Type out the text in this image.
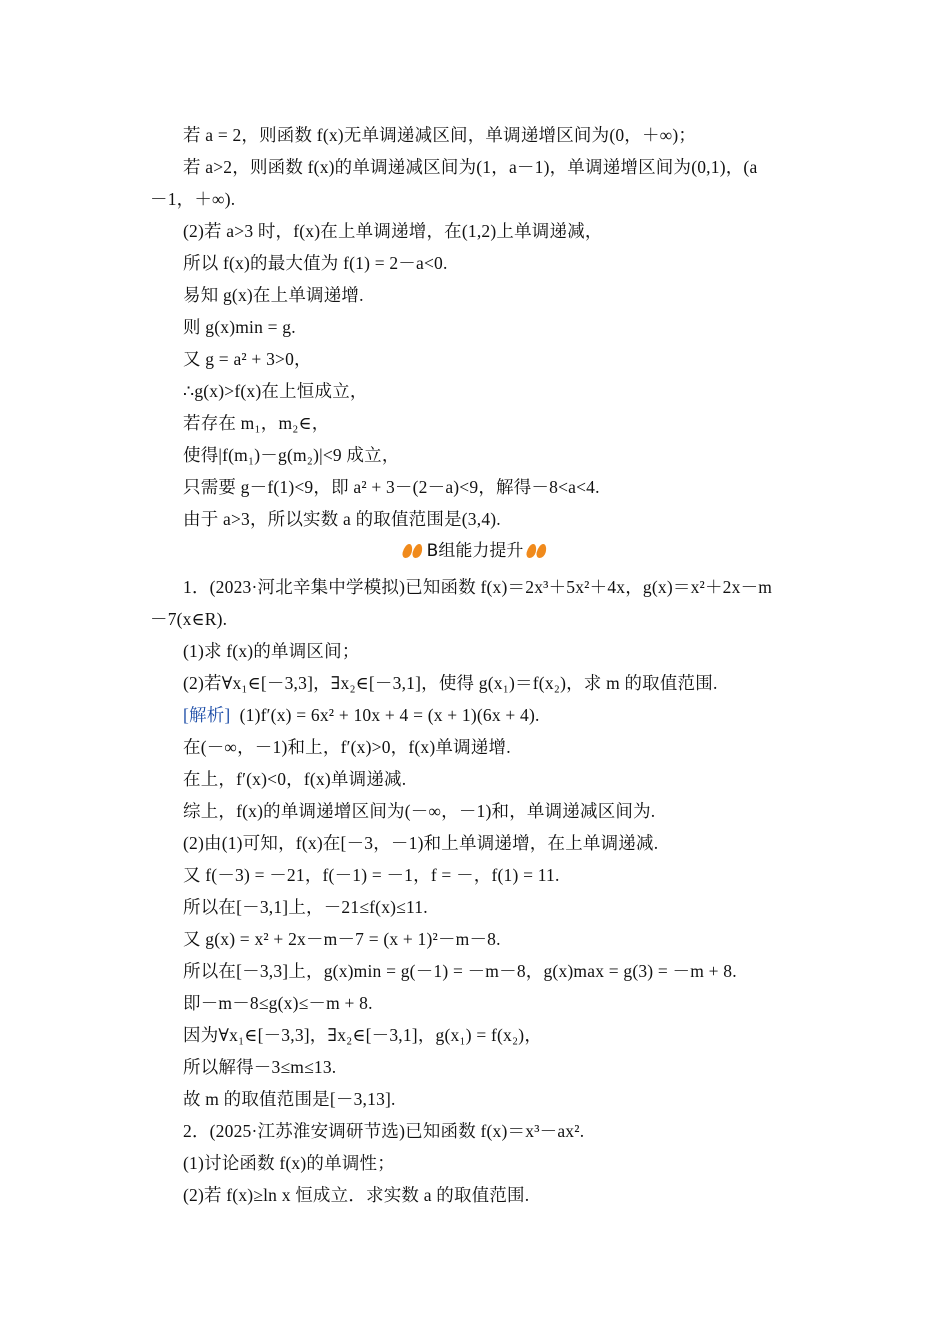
若 a = 2，则函数 f(x)无单调递减区间，单调递增区间为(0，＋∞)；
若 a>2，则函数 f(x)的单调递减区间为(1，a－1)，单调递增区间为(0,1)，(a
－1，＋∞).
(2)若 a>3 时，f(x)在上单调递增，在(1,2)上单调递减，
所以 f(x)的最大值为 f(1) = 2－a<0.
易知 g(x)在上单调递增.
则 g(x)min = g.
又 g = a² + 3>0，
∴g(x)>f(x)在上恒成立，
若存在 m₁，m₂∈，
使得|f(m₁)－g(m₂)|<9 成立，
只需要 g－f(1)<9，即 a² + 3－(2－a)<9，解得－8<a<4.
由于 a>3，所以实数 a 的取值范围是(3,4).
B组能力提升
1．(2023·河北辛集中学模拟)已知函数 f(x)＝2x³＋5x²＋4x，g(x)＝x²＋2x－m
－7(x∈R).
(1)求 f(x)的单调区间；
(2)若∀x₁∈[－3,3]，∃x₂∈[－3,1]，使得 g(x₁)＝f(x₂)，求 m 的取值范围.
[解析]  (1)f′(x) = 6x² + 10x + 4 = (x + 1)(6x + 4).
在(－∞，－1)和上，f′(x)>0，f(x)单调递增.
在上，f′(x)<0，f(x)单调递减.
综上，f(x)的单调递增区间为(－∞，－1)和，单调递减区间为.
(2)由(1)可知，f(x)在[－3，－1)和上单调递增，在上单调递减.
又 f(－3) = －21，f(－1) = －1，f = －，f(1) = 11.
所以在[－3,1]上，－21≤f(x)≤11.
又 g(x) = x² + 2x－m－7 = (x + 1)²－m－8.
所以在[－3,3]上，g(x)min = g(－1) = －m－8，g(x)max = g(3) = －m + 8.
即－m－8≤g(x)≤－m + 8.
因为∀x₁∈[－3,3]，∃x₂∈[－3,1]，g(x₁) = f(x₂)，
所以解得－3≤m≤13.
故 m 的取值范围是[－3,13].
2．(2025·江苏淮安调研节选)已知函数 f(x)＝x³－ax².
(1)讨论函数 f(x)的单调性；
(2)若 f(x)≥ln x 恒成立．求实数 a 的取值范围.
